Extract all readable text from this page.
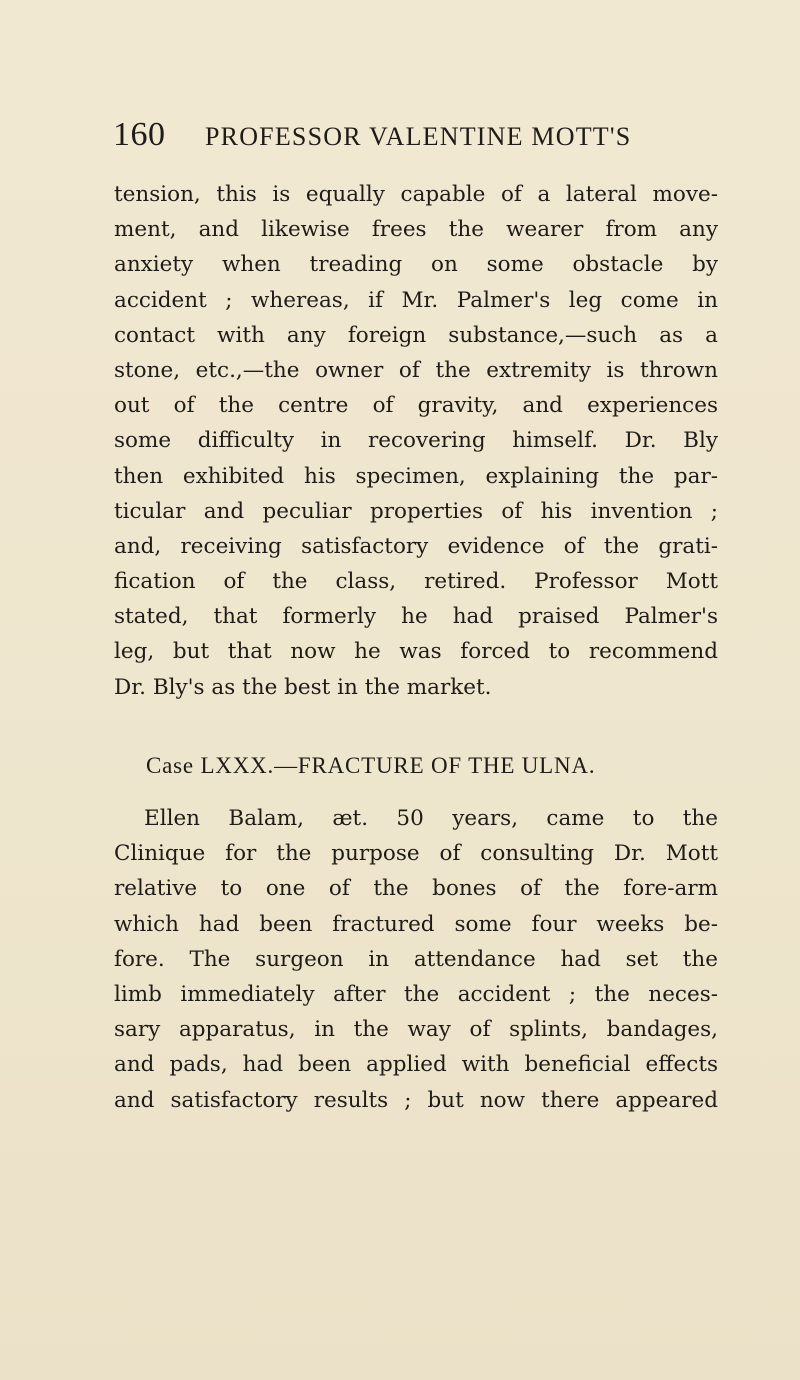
160 PROFESSOR VALENTINE MOTT'S
tension, this is equally capable of a lateral move-
ment, and likewise frees the wearer from any
anxiety when treading on some obstacle by
accident ; whereas, if Mr. Palmer's leg come in
contact with any foreign substance,—such as a
stone, etc.,—the owner of the extremity is thrown
out of the centre of gravity, and experiences
some difficulty in recovering himself. Dr. Bly
then exhibited his specimen, explaining the par-
ticular and peculiar properties of his invention ;
and, receiving satisfactory evidence of the grati-
fication of the class, retired. Professor Mott
stated, that formerly he had praised Palmer's
leg, but that now he was forced to recommend
Dr. Bly's as the best in the market.
Case LXXX.—FRACTURE OF THE ULNA.
Ellen Balam, æt. 50 years, came to the
Clinique for the purpose of consulting Dr. Mott
relative to one of the bones of the fore-arm
which had been fractured some four weeks be-
fore. The surgeon in attendance had set the
limb immediately after the accident ; the neces-
sary apparatus, in the way of splints, bandages,
and pads, had been applied with beneficial effects
and satisfactory results ; but now there appeared
